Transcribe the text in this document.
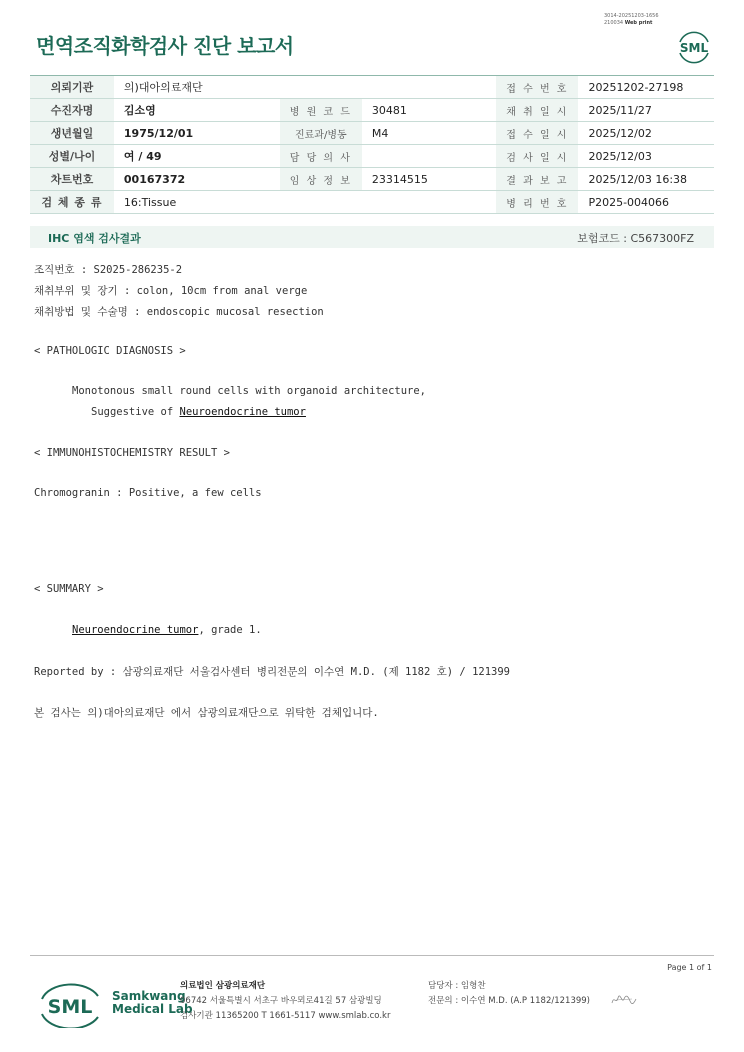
3014-20251203-1656
210034 Web print
면역조직화학검사 진단 보고서	SML
의뢰기관	의)대아의료재단			접 수 번 호	20251202-27198
수진자명	김소영	병 원 코 드	30481	채 취 일 시	2025/11/27
생년월일	1975/12/01	진료과/병동	M4	접 수 일 시	2025/12/02
성별/나이	여 / 49	담 당 의 사		검 사 일 시	2025/12/03
차트번호	00167372	임 상 정 보	23314515	결 과 보 고	2025/12/03 16:38
검 체 종 류	16:Tissue			병 리 번 호	P2025-004066
IHC 염색 검사결과	보험코드 : C567300FZ
조직번호 : S2025-286235-2
채취부위 및 장기 : colon, 10cm from anal verge
채취방법 및 수술명 : endoscopic mucosal resection
< PATHOLOGIC DIAGNOSIS >
Monotonous small round cells with organoid architecture,
Suggestive of Neuroendocrine tumor
< IMMUNOHISTOCHEMISTRY RESULT >
Chromogranin : Positive, a few cells
< SUMMARY >
Neuroendocrine tumor, grade 1.
Reported by : 삼광의료재단 서울검사센터 병리전문의 이수연 M.D. (제 1182 호) / 121399
본 검사는 의)대아의료재단 에서 삼광의료재단으로 위탁한 검체입니다.
Page 1 of 1
SML Samkwang
Medical Lab
의료법인 삼광의료재단
06742 서울특별시 서초구 바우뫼로41길 57 삼광빌딩
검사기관 11365200 T 1661-5117 www.smlab.co.kr
담당자 : 임형찬
전문의 : 이수연 M.D. (A.P 1182/121399)
